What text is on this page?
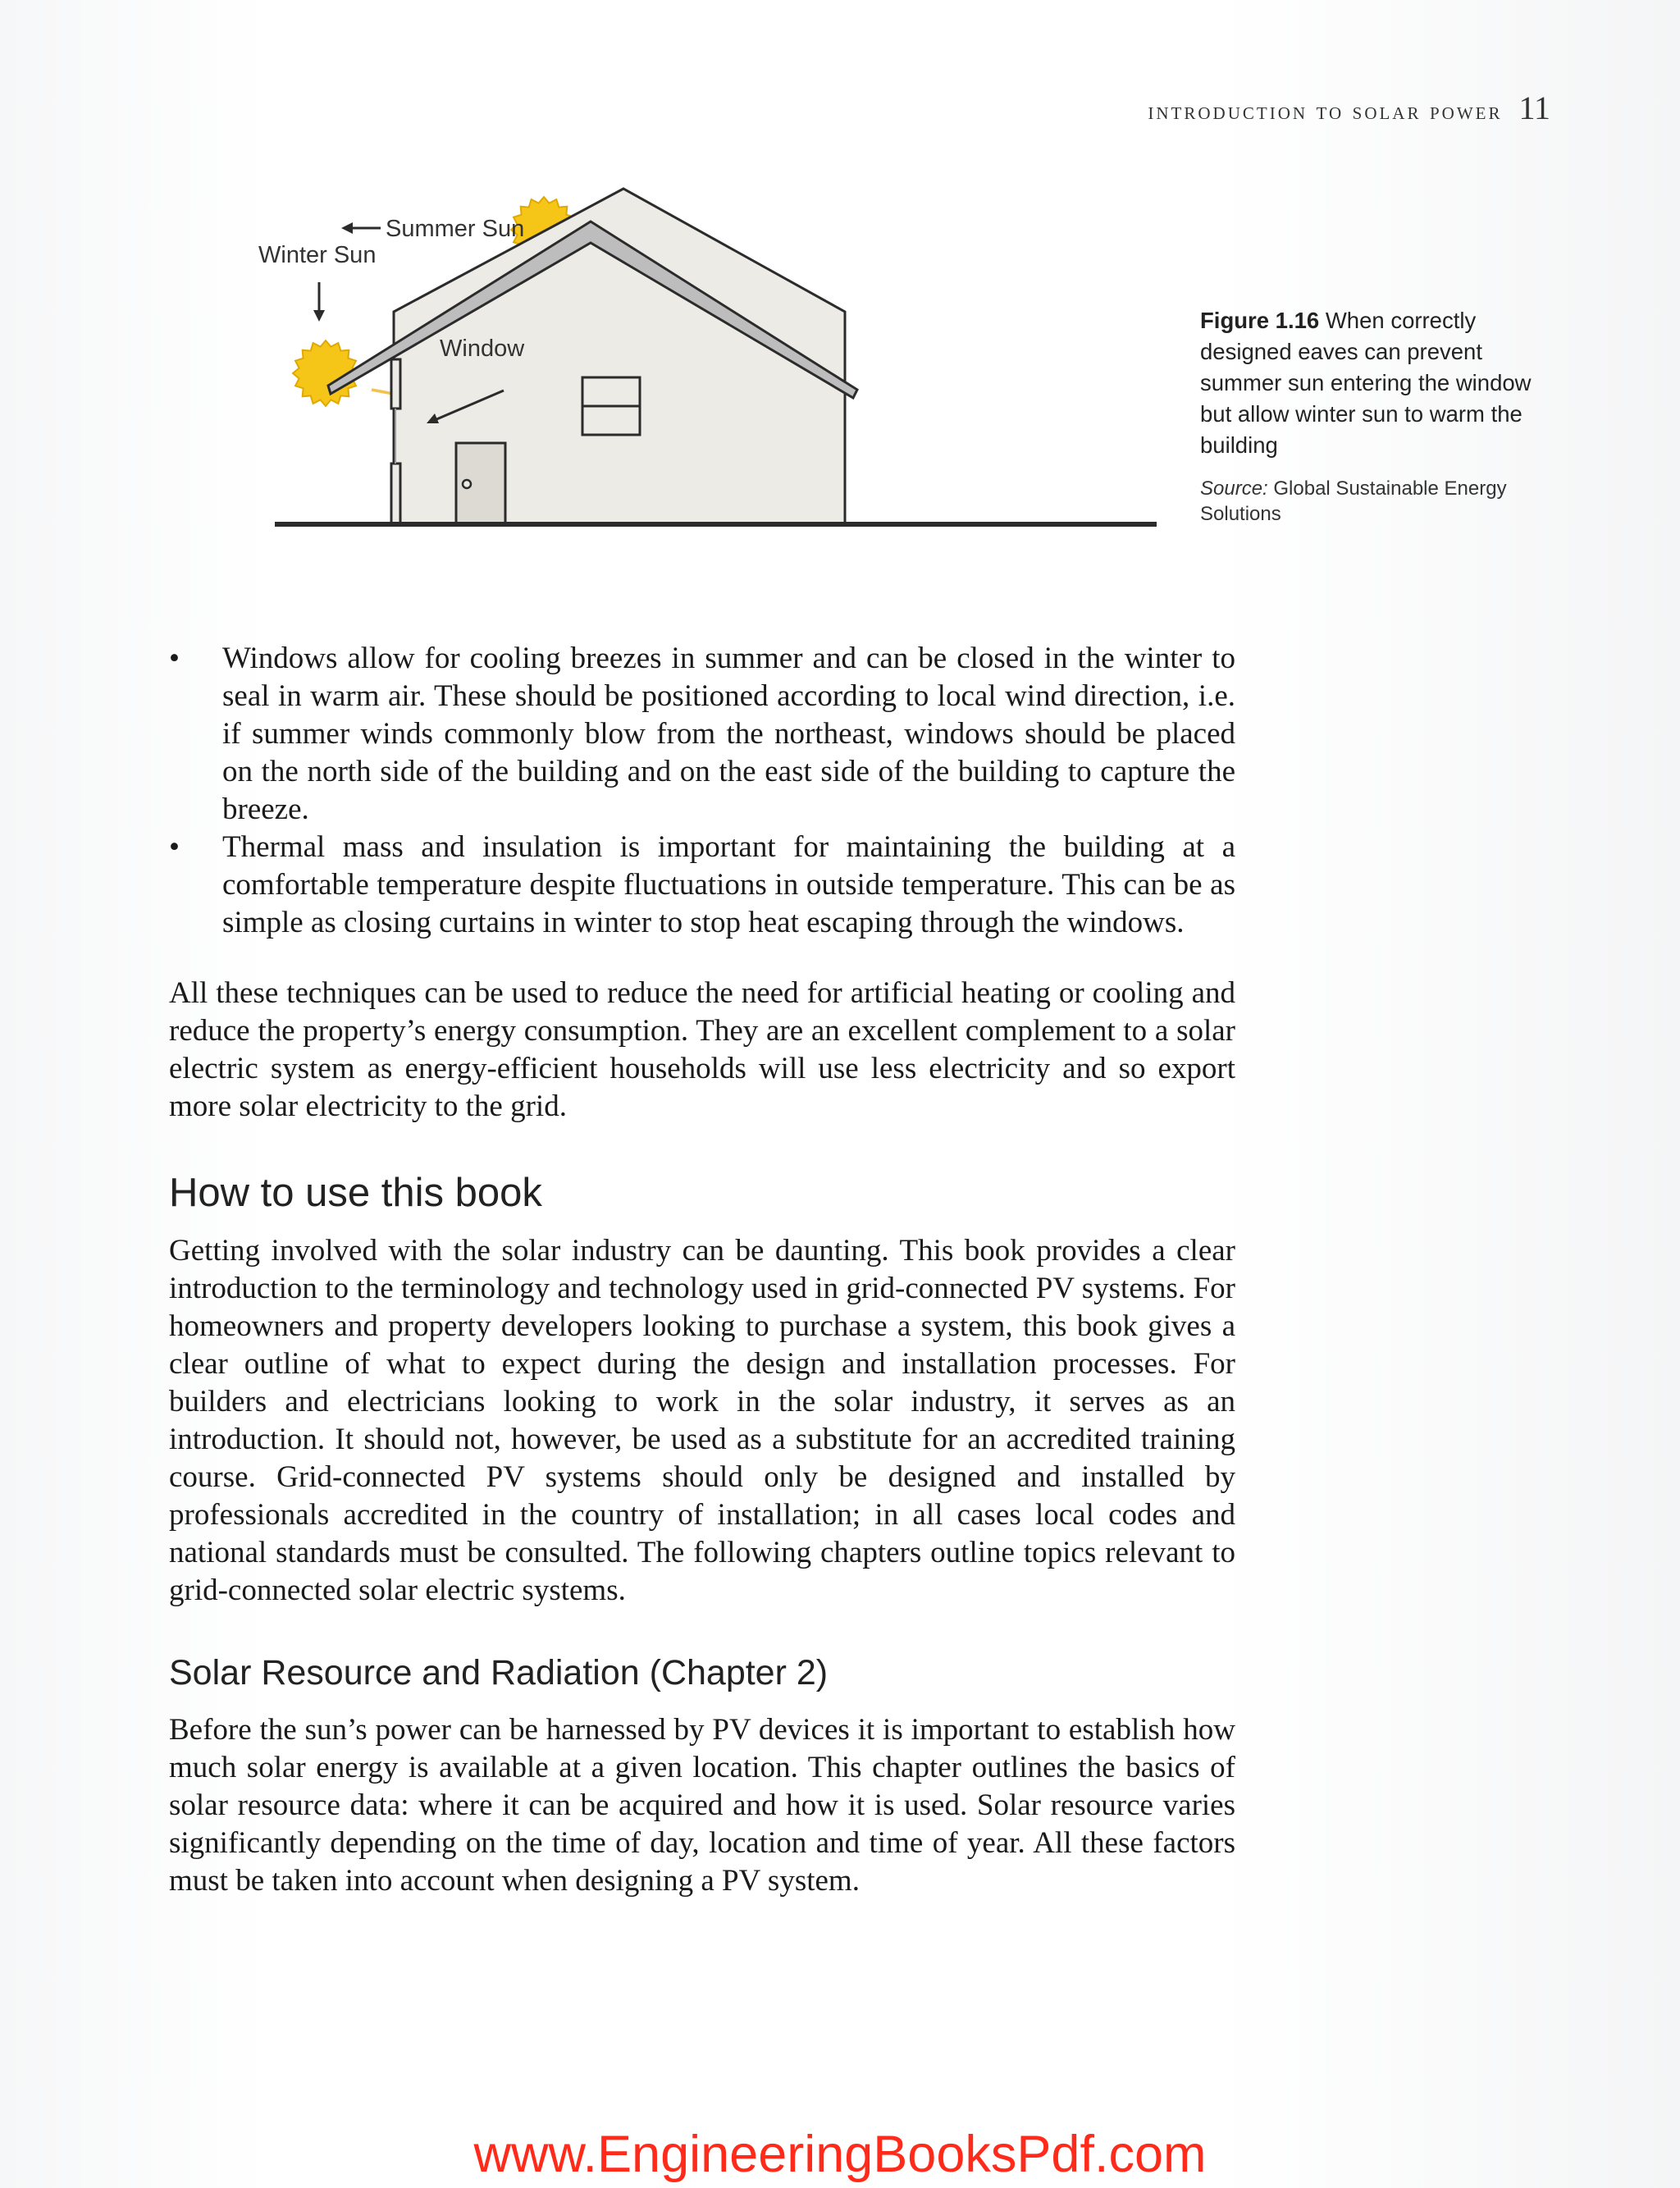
introduction to solar power 11
Summer Sun
Window
Winter Sun
Figure 1.16 When correctly designed eaves can prevent summer sun entering the window but allow winter sun to warm the building
Source: Global Sustainable Energy Solutions
• Windows allow for cooling breezes in summer and can be closed in the winter to seal in warm air. These should be positioned according to local wind direction, i.e. if summer winds commonly blow from the northeast, windows should be placed on the north side of the building and on the east side of the building to capture the breeze.
• Thermal mass and insulation is important for maintaining the building at a comfortable temperature despite fluctuations in outside temperature. This can be as simple as closing curtains in winter to stop heat escaping through the windows.

All these techniques can be used to reduce the need for artificial heating or cooling and reduce the property’s energy consumption. They are an excellent complement to a solar electric system as energy-efficient households will use less electricity and so export more solar electricity to the grid.

How to use this book

Getting involved with the solar industry can be daunting. This book provides a clear introduction to the terminology and technology used in grid-connected PV systems. For homeowners and property developers looking to purchase a system, this book gives a clear outline of what to expect during the design and installation processes. For builders and electricians looking to work in the solar industry, it serves as an introduction. It should not, however, be used as a substitute for an accredited training course. Grid-connected PV systems should only be designed and installed by professionals accredited in the country of installation; in all cases local codes and national standards must be consulted. The following chapters outline topics relevant to grid-connected solar electric systems.

Solar Resource and Radiation (Chapter 2)

Before the sun’s power can be harnessed by PV devices it is important to establish how much solar energy is available at a given location. This chapter outlines the basics of solar resource data: where it can be acquired and how it is used. Solar resource varies significantly depending on the time of day, location and time of year. All these factors must be taken into account when designing a PV system.

www.EngineeringBooksPdf.com
